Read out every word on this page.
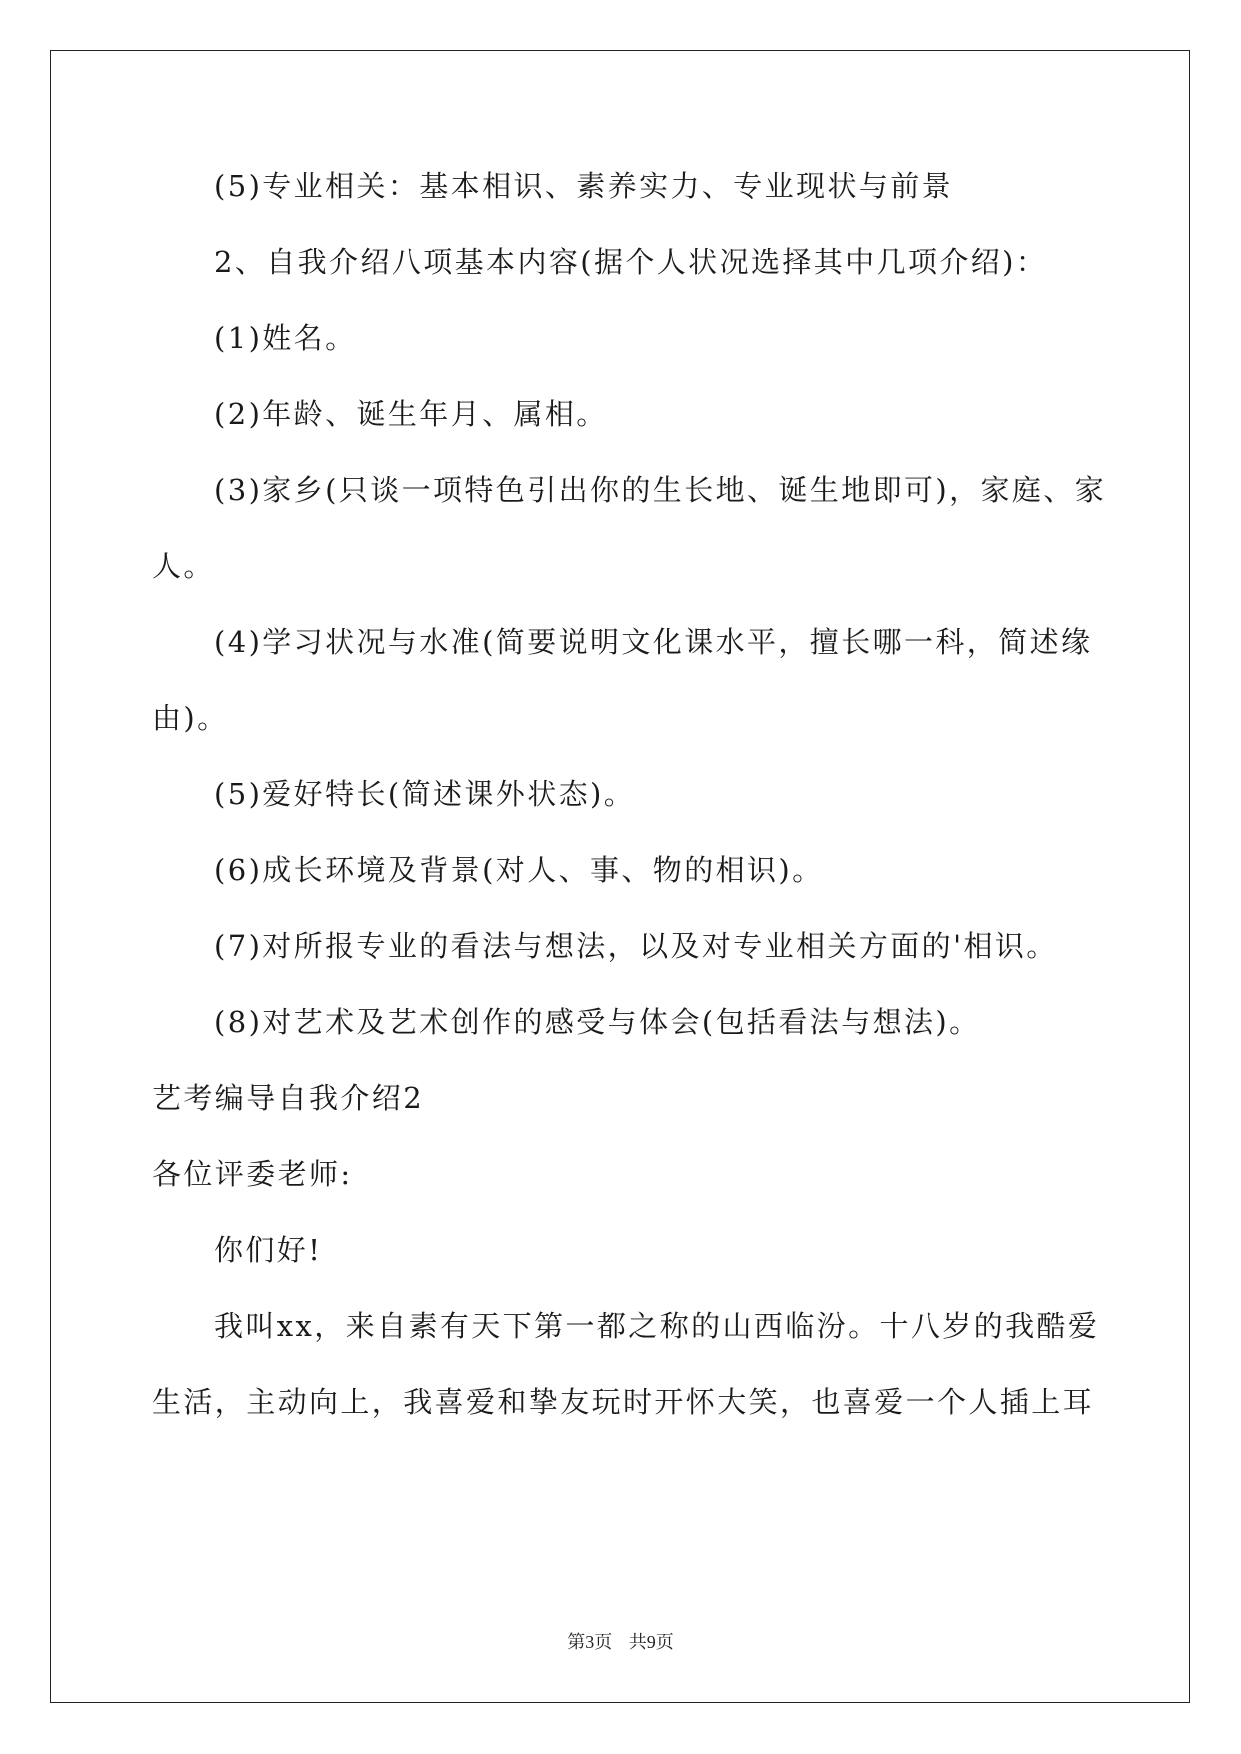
(5)专业相关：基本相识、素养实力、专业现状与前景

2、自我介绍八项基本内容(据个人状况选择其中几项介绍)：

(1)姓名。

(2)年龄、诞生年月、属相。

(3)家乡(只谈一项特色引出你的生长地、诞生地即可)，家庭、家

人。

(4)学习状况与水准(简要说明文化课水平，擅长哪一科，简述缘

由)。

(5)爱好特长(简述课外状态)。

(6)成长环境及背景(对人、事、物的相识)。

(7)对所报专业的看法与想法，以及对专业相关方面的'相识。

(8)对艺术及艺术创作的感受与体会(包括看法与想法)。

艺考编导自我介绍2

各位评委老师:

你们好!

我叫xx，来自素有天下第一都之称的山西临汾。十八岁的我酷爱

生活，主动向上，我喜爱和挚友玩时开怀大笑，也喜爱一个人插上耳

第3页 共9页
